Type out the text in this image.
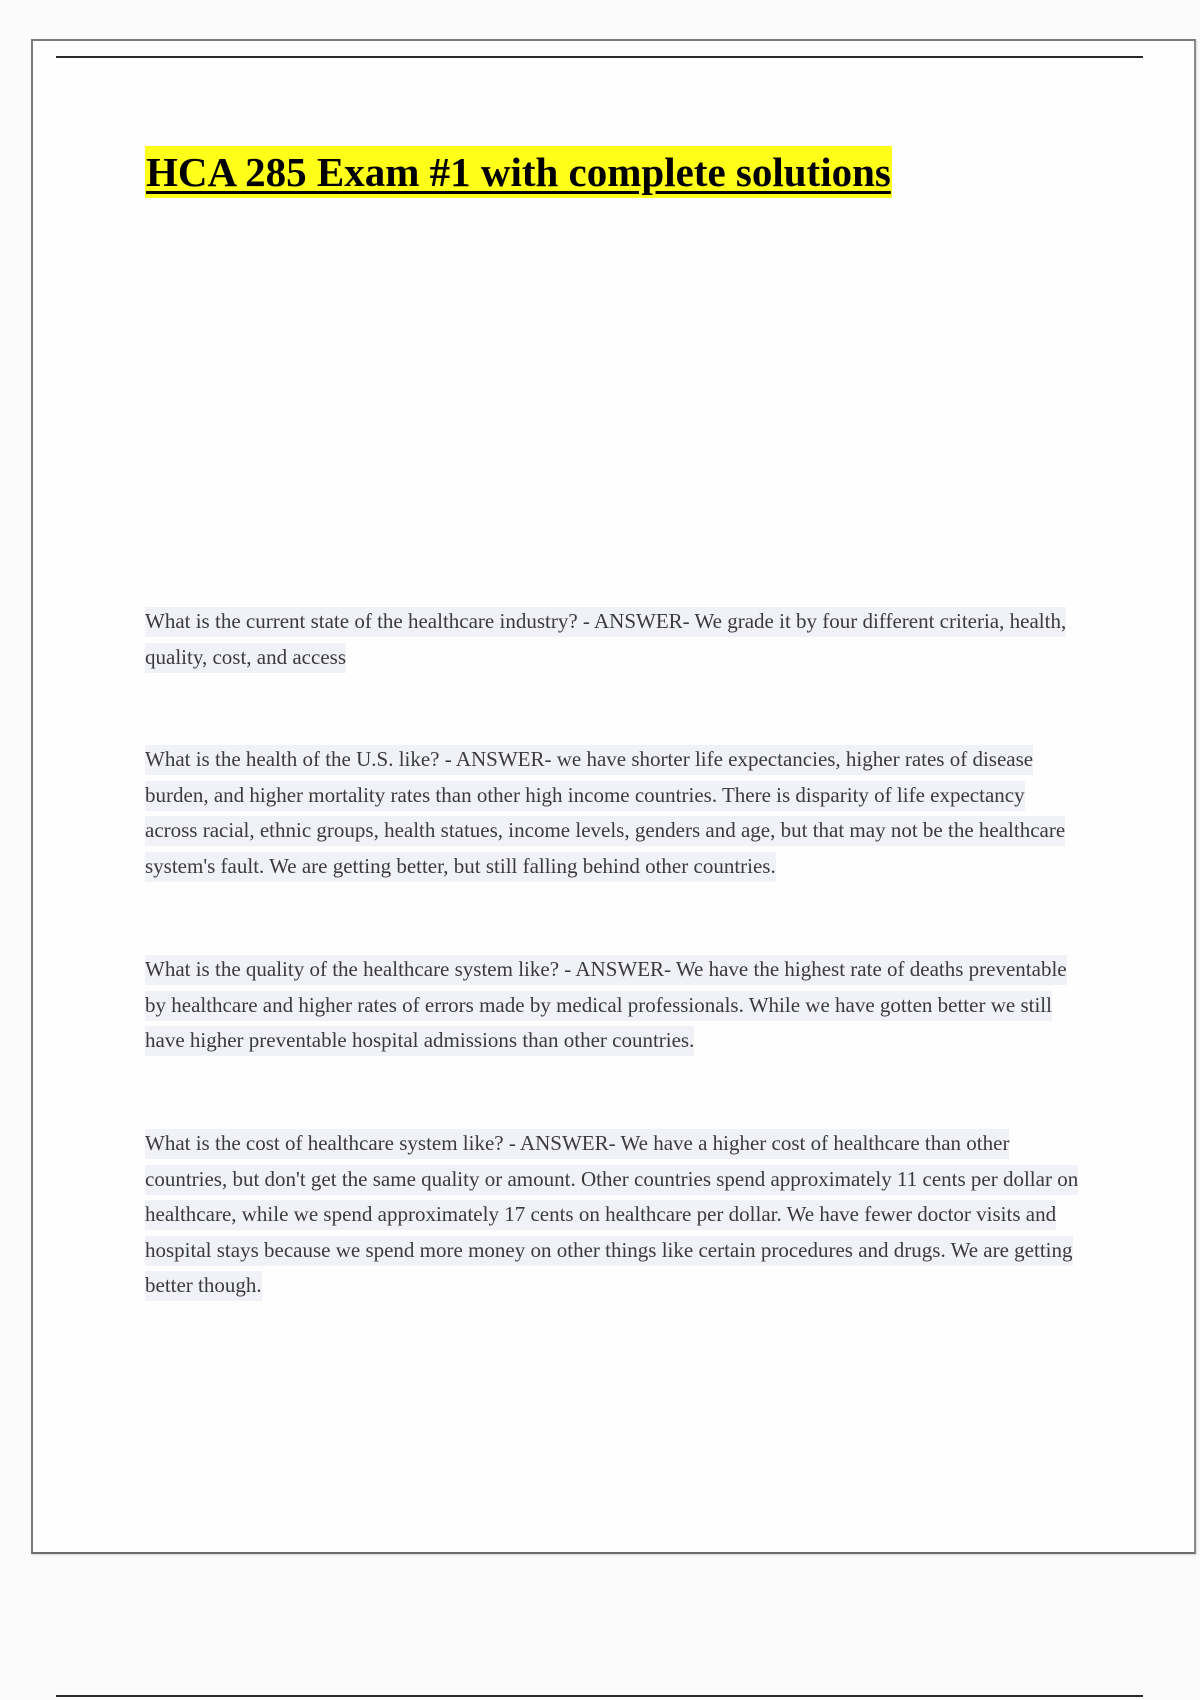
HCA 285 Exam #1 with complete solutions

What is the current state of the healthcare industry? - ANSWER- We grade it by four different criteria, health, quality, cost, and access

What is the health of the U.S. like? - ANSWER- we have shorter life expectancies, higher rates of disease burden, and higher mortality rates than other high income countries. There is disparity of life expectancy across racial, ethnic groups, health statues, income levels, genders and age, but that may not be the healthcare system's fault. We are getting better, but still falling behind other countries.

What is the quality of the healthcare system like? - ANSWER- We have the highest rate of deaths preventable by healthcare and higher rates of errors made by medical professionals. While we have gotten better we still have higher preventable hospital admissions than other countries.

What is the cost of healthcare system like? - ANSWER- We have a higher cost of healthcare than other countries, but don't get the same quality or amount. Other countries spend approximately 11 cents per dollar on healthcare, while we spend approximately 17 cents on healthcare per dollar. We have fewer doctor visits and hospital stays because we spend more money on other things like certain procedures and drugs. We are getting better though.
